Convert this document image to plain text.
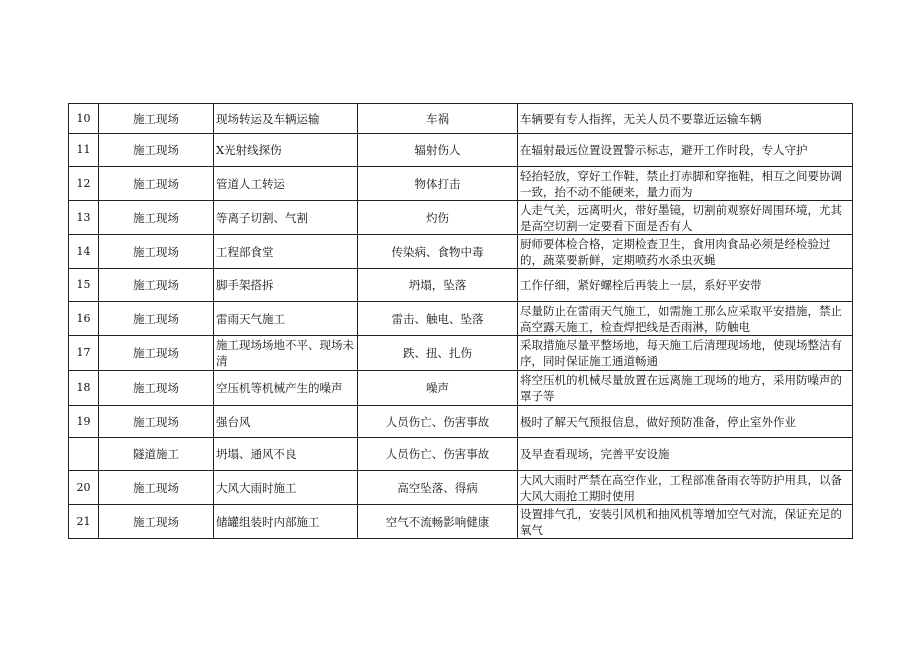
10	施工现场	现场转运及车辆运输	车祸	车辆要有专人指挥，无关人员不要靠近运输车辆
11	施工现场	X光射线探伤	辐射伤人	在辐射最远位置设置警示标志，避开工作时段，专人守护
12	施工现场	管道人工转运	物体打击	轻抬轻放，穿好工作鞋，禁止打赤脚和穿拖鞋，相互之间要协调一致，抬不动不能硬来，量力而为
13	施工现场	等离子切割、气割	灼伤	人走气关，远离明火，带好墨镜，切割前观察好周围环境，尤其是高空切割一定要看下面是否有人
14	施工现场	工程部食堂	传染病、食物中毒	厨师要体检合格，定期检查卫生，食用肉食品必须是经检验过的，蔬菜要新鲜，定期喷药水杀虫灭蝇
15	施工现场	脚手架搭拆	坍塌，坠落	工作仔细，紧好螺栓后再装上一层，系好平安带
16	施工现场	雷雨天气施工	雷击、触电、坠落	尽量防止在雷雨天气施工，如需施工那么应采取平安措施，禁止高空露天施工，检查焊把线是否雨淋，防触电
17	施工现场	施工现场场地不平、现场未清	跌、扭、扎伤	采取措施尽量平整场地，每天施工后清理现场地，使现场整洁有序，同时保证施工通道畅通
18	施工现场	空压机等机械产生的噪声	噪声	将空压机的机械尽量放置在远离施工现场的地方，采用防噪声的罩子等
19	施工现场	强台风	人员伤亡、伤害事故	极时了解天气预报信息，做好预防准备，停止室外作业
	隧道施工	坍塌、通风不良	人员伤亡、伤害事故	及早查看现场，完善平安设施
20	施工现场	大风大雨时施工	高空坠落、得病	大风大雨时严禁在高空作业，工程部准备雨衣等防护用具，以备大风大雨抢工期时使用
21	施工现场	储罐组装时内部施工	空气不流畅影响健康	设置排气孔，安装引风机和抽风机等增加空气对流，保证充足的氧气
